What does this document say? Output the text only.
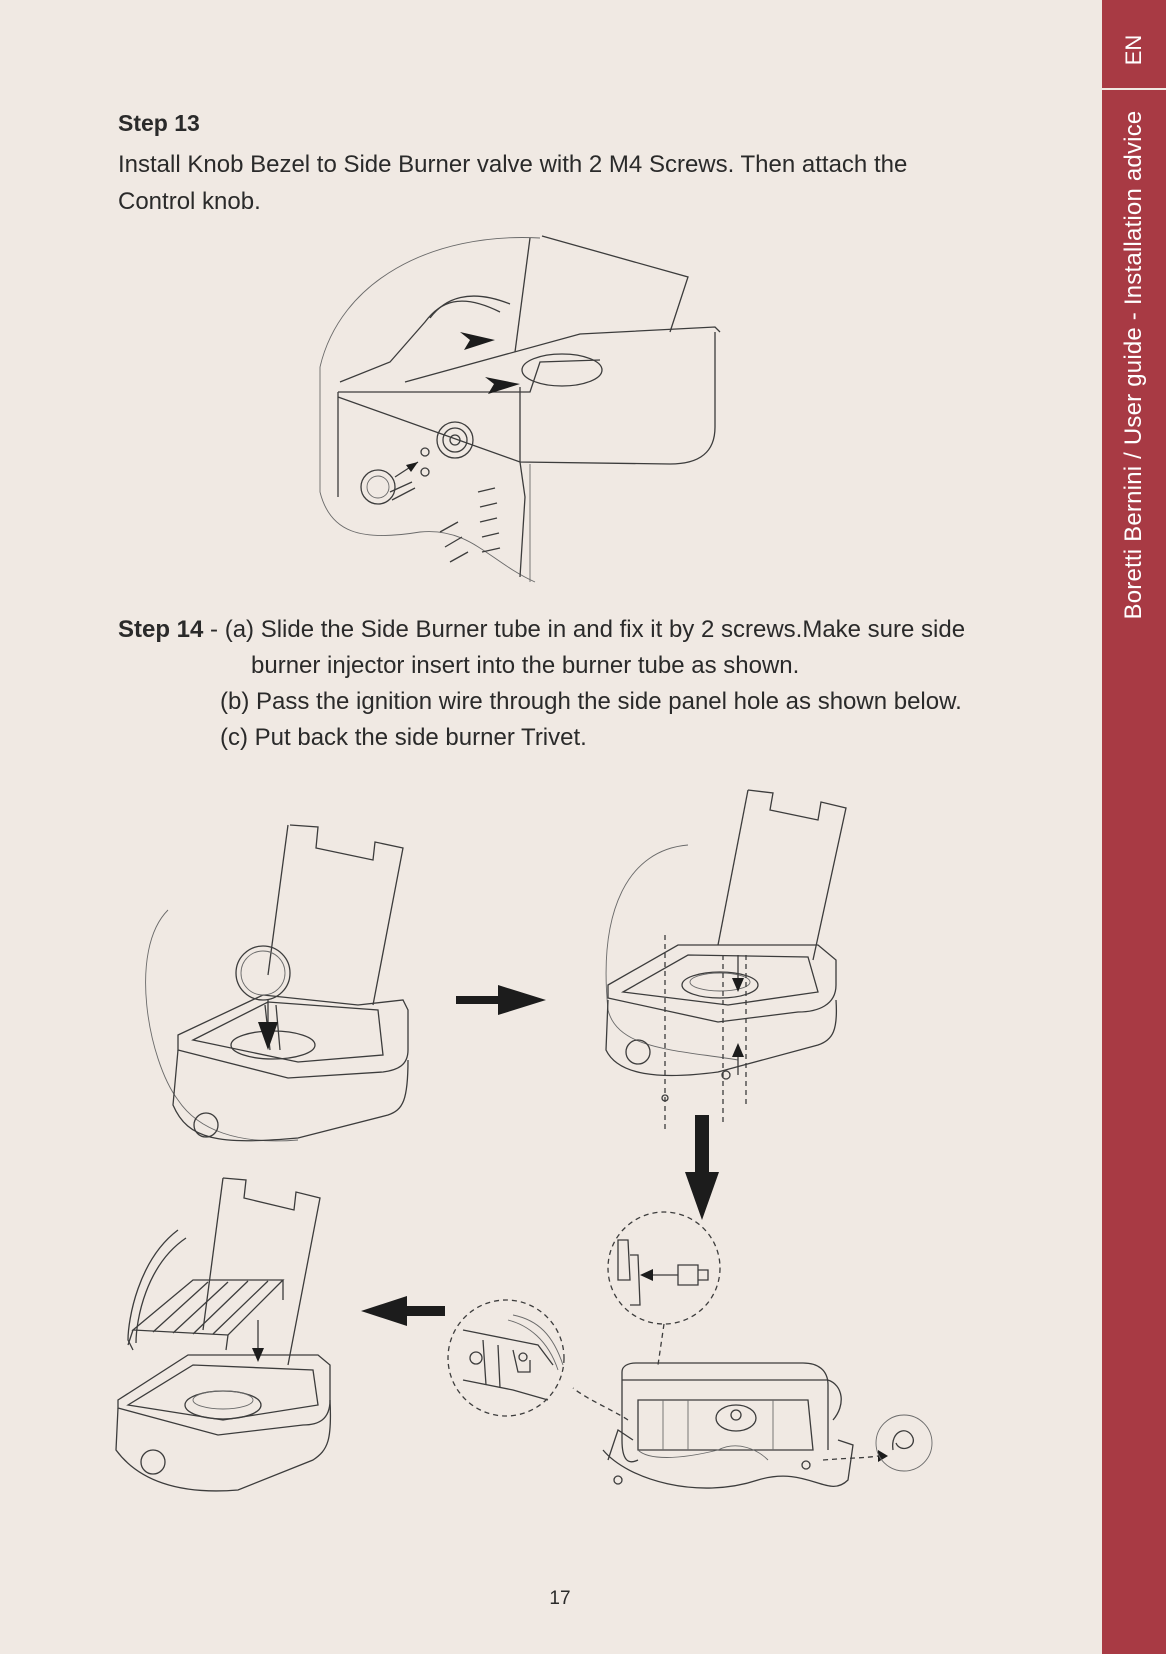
EN
Boretti Bernini / User guide - Installation advice
Step 13
Install Knob Bezel to Side Burner valve with 2 M4 Screws. Then attach the Control knob.
Step 14 - (a) Slide the Side Burner tube in and fix it by 2 screws.Make sure side
burner injector insert into the burner tube as shown.
(b) Pass the ignition wire through the side panel hole as shown below.
(c) Put back the side burner Trivet.
17
